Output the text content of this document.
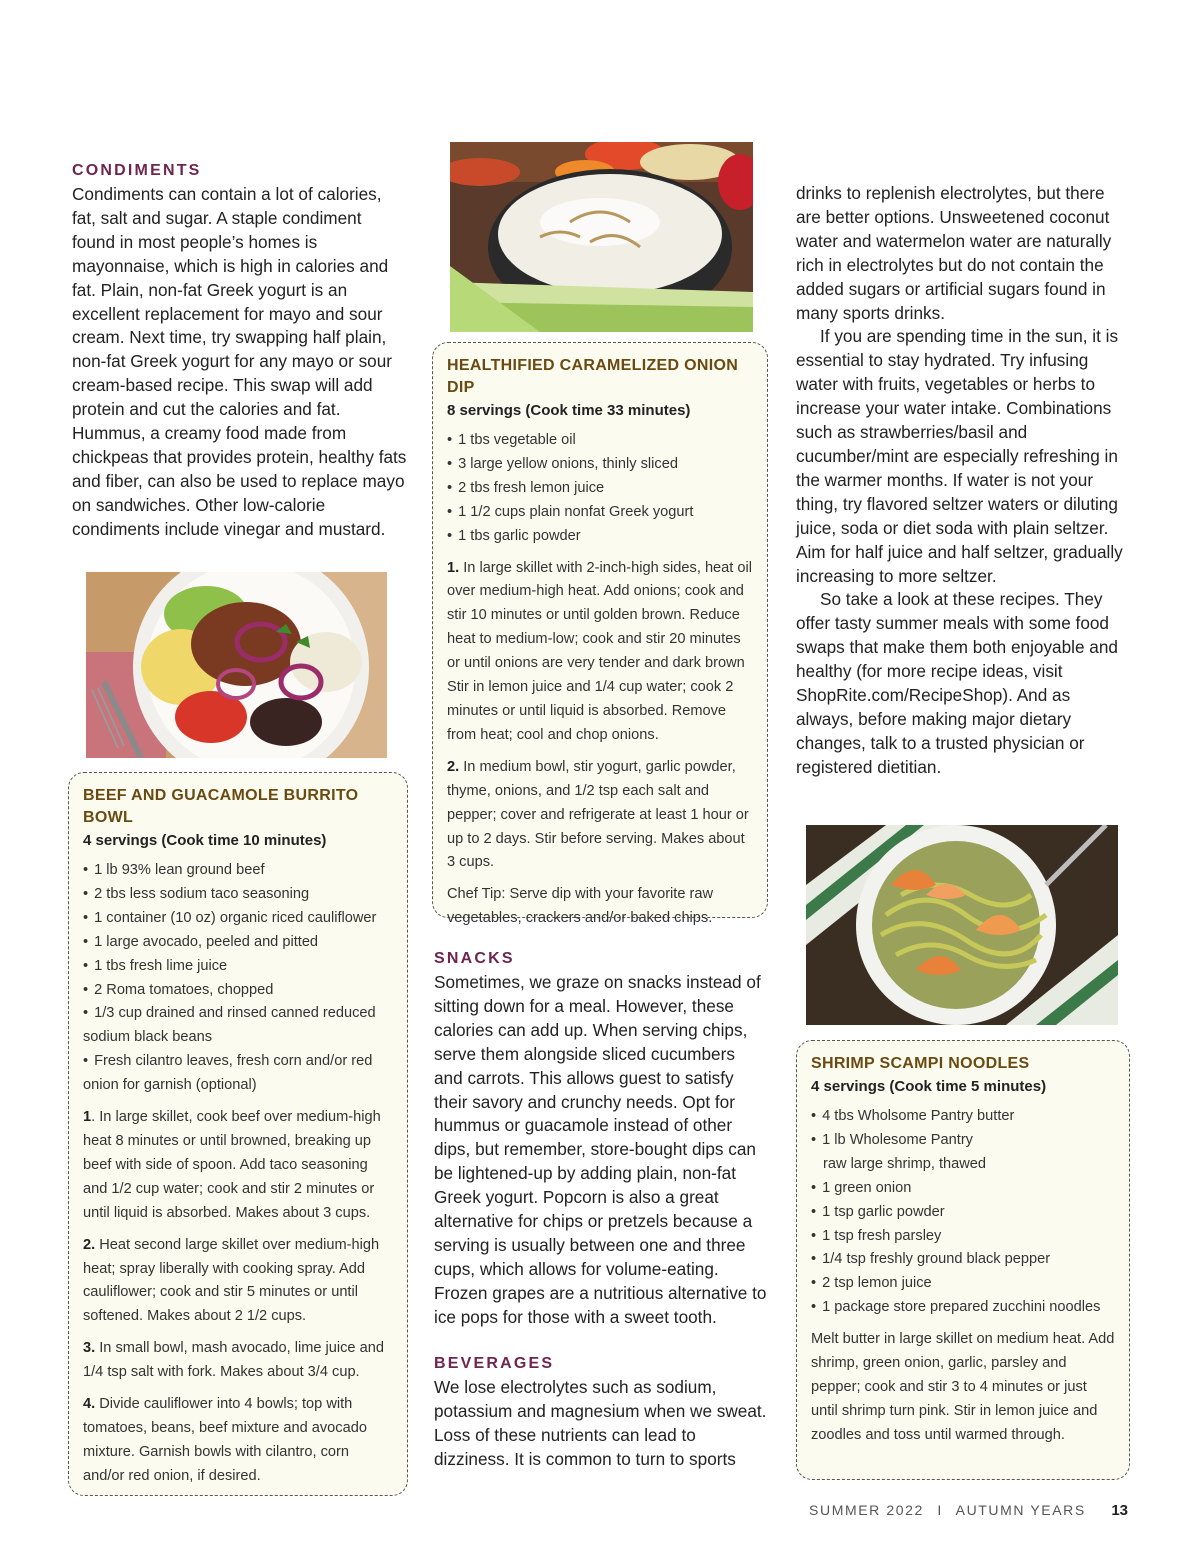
CONDIMENTS

Condiments can contain a lot of calories, fat, salt and sugar. A staple condiment found in most people’s homes is mayonnaise, which is high in calories and fat. Plain, non-fat Greek yogurt is an excellent replacement for mayo and sour cream. Next time, try swapping half plain, non-fat Greek yogurt for any mayo or sour cream-based recipe. This swap will add protein and cut the calories and fat. Hummus, a creamy food made from chickpeas that provides protein, healthy fats and fiber, can also be used to replace mayo on sandwiches. Other low-calorie condiments include vinegar and mustard.

BEEF AND GUACAMOLE BURRITO BOWL
4 servings (Cook time 10 minutes)
• 1 lb 93% lean ground beef
• 2 tbs less sodium taco seasoning
• 1 container (10 oz) organic riced cauliflower
• 1 large avocado, peeled and pitted
• 1 tbs fresh lime juice
• 2 Roma tomatoes, chopped
• 1/3 cup drained and rinsed canned reduced sodium black beans
• Fresh cilantro leaves, fresh corn and/or red onion for garnish (optional)

1. In large skillet, cook beef over medium-high heat 8 minutes or until browned, breaking up beef with side of spoon. Add taco seasoning and 1/2 cup water; cook and stir 2 minutes or until liquid is absorbed. Makes about 3 cups.

2. Heat second large skillet over medium-high heat; spray liberally with cooking spray. Add cauliflower; cook and stir 5 minutes or until softened. Makes about 2 1/2 cups.

3. In small bowl, mash avocado, lime juice and 1/4 tsp salt with fork. Makes about 3/4 cup.

4. Divide cauliflower into 4 bowls; top with tomatoes, beans, beef mixture and avocado mixture. Garnish bowls with cilantro, corn and/or red onion, if desired.

HEALTHIFIED CARAMELIZED ONION DIP
8 servings (Cook time 33 minutes)
• 1 tbs vegetable oil
• 3 large yellow onions, thinly sliced
• 2 tbs fresh lemon juice
• 1 1/2 cups plain nonfat Greek yogurt
• 1 tbs garlic powder

1. In large skillet with 2-inch-high sides, heat oil over medium-high heat. Add onions; cook and stir 10 minutes or until golden brown. Reduce heat to medium-low; cook and stir 20 minutes or until onions are very tender and dark brown Stir in lemon juice and 1/4 cup water; cook 2 minutes or until liquid is absorbed. Remove from heat; cool and chop onions.

2. In medium bowl, stir yogurt, garlic powder, thyme, onions, and 1/2 tsp each salt and pepper; cover and refrigerate at least 1 hour or up to 2 days. Stir before serving. Makes about 3 cups.

Chef Tip: Serve dip with your favorite raw vegetables, crackers and/or baked chips.

SNACKS

Sometimes, we graze on snacks instead of sitting down for a meal. However, these calories can add up. When serving chips, serve them alongside sliced cucumbers and carrots. This allows guest to satisfy their savory and crunchy needs. Opt for hummus or guacamole instead of other dips, but remember, store-bought dips can be lightened-up by adding plain, non-fat Greek yogurt. Popcorn is also a great alternative for chips or pretzels because a serving is usually between one and three cups, which allows for volume-eating. Frozen grapes are a nutritious alternative to ice pops for those with a sweet tooth.

BEVERAGES

We lose electrolytes such as sodium, potassium and magnesium when we sweat. Loss of these nutrients can lead to dizziness. It is common to turn to sports

drinks to replenish electrolytes, but there are better options. Unsweetened coconut water and watermelon water are naturally rich in electrolytes but do not contain the added sugars or artificial sugars found in many sports drinks.

If you are spending time in the sun, it is essential to stay hydrated. Try infusing water with fruits, vegetables or herbs to increase your water intake. Combinations such as strawberries/basil and cucumber/mint are especially refreshing in the warmer months. If water is not your thing, try flavored seltzer waters or diluting juice, soda or diet soda with plain seltzer. Aim for half juice and half seltzer, gradually increasing to more seltzer.

So take a look at these recipes. They offer tasty summer meals with some food swaps that make them both enjoyable and healthy (for more recipe ideas, visit ShopRite.com/RecipeShop). And as always, before making major dietary changes, talk to a trusted physician or registered dietitian.

SHRIMP SCAMPI NOODLES
4 servings (Cook time 5 minutes)
• 4 tbs Wholsome Pantry butter
• 1 lb Wholesome Pantry
raw large shrimp, thawed
• 1 green onion
• 1 tsp garlic powder
• 1 tsp fresh parsley
• 1/4 tsp freshly ground black pepper
• 2 tsp lemon juice
• 1 package store prepared zucchini noodles

Melt butter in large skillet on medium heat. Add shrimp, green onion, garlic, parsley and pepper; cook and stir 3 to 4 minutes or just until shrimp turn pink. Stir in lemon juice and zoodles and toss until warmed through.

SUMMER 2022 I AUTUMN YEARS 13
